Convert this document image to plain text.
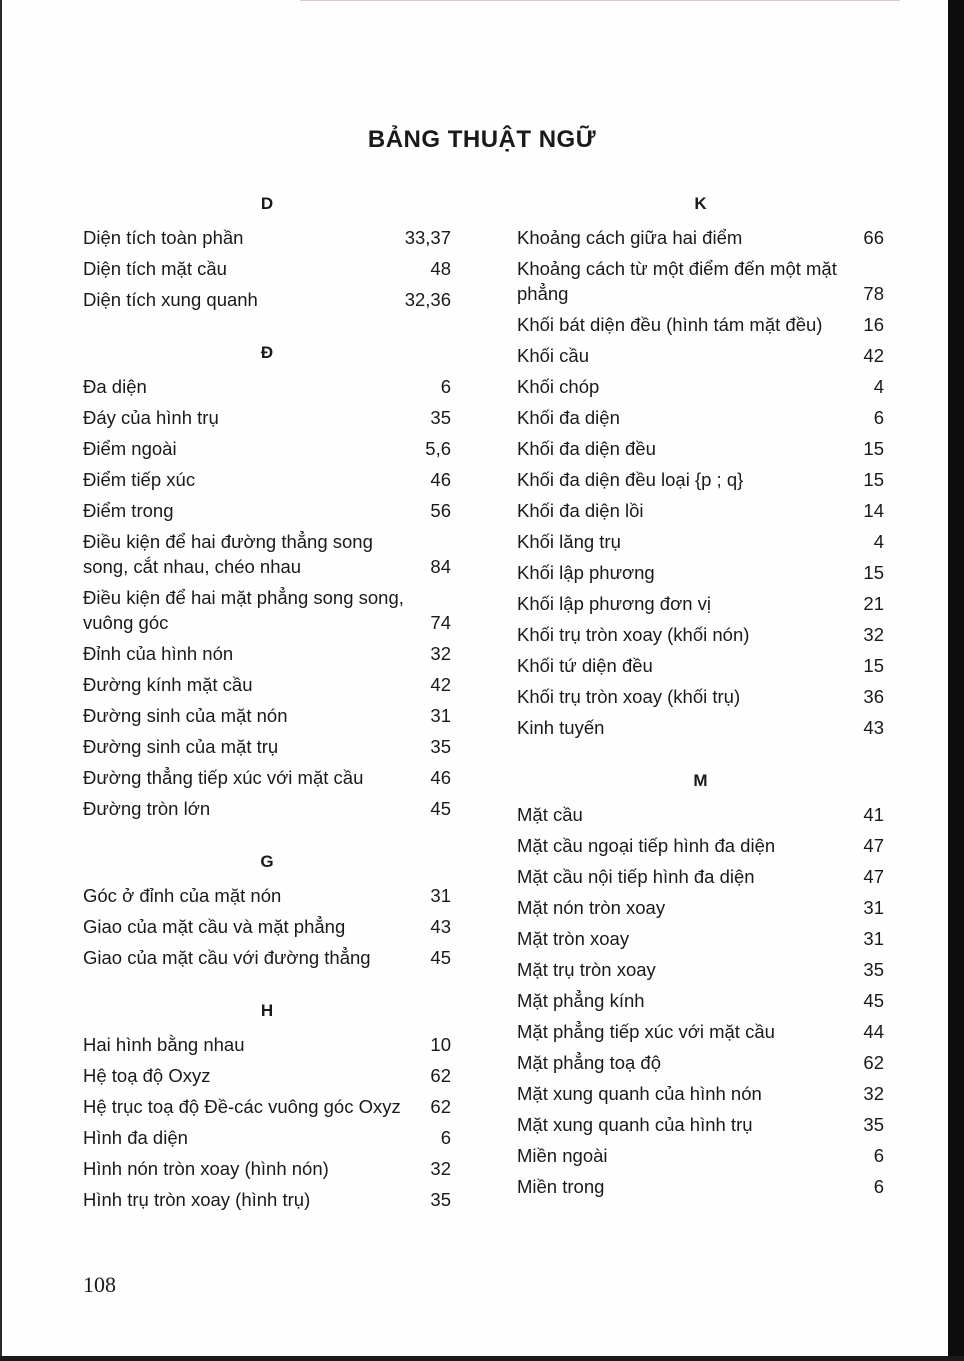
BẢNG THUẬT NGỮ
D
Diện tích toàn phần	33,37
Diện tích mặt cầu	48
Diện tích xung quanh	32,36
Đ
Đa diện	6
Đáy của hình trụ	35
Điểm ngoài	5,6
Điểm tiếp xúc	46
Điểm trong	56
Điều kiện để hai đường thẳng song song, cắt nhau, chéo nhau	84
Điều kiện để hai mặt phẳng song song, vuông góc	74
Đỉnh của hình nón	32
Đường kính mặt cầu	42
Đường sinh của mặt nón	31
Đường sinh của mặt trụ	35
Đường thẳng tiếp xúc với mặt cầu	46
Đường tròn lớn	45
G
Góc ở đỉnh của mặt nón	31
Giao của mặt cầu và mặt phẳng	43
Giao của mặt cầu với đường thẳng	45
H
Hai hình bằng nhau	10
Hệ toạ độ Oxyz	62
Hệ trục toạ độ Đề-các vuông góc Oxyz	62
Hình đa diện	6
Hình nón tròn xoay (hình nón)	32
Hình trụ tròn xoay (hình trụ)	35
K
Khoảng cách giữa hai điểm	66
Khoảng cách từ một điểm đến một mặt phẳng	78
Khối bát diện đều (hình tám mặt đều)	16
Khối cầu	42
Khối chóp	4
Khối đa diện	6
Khối đa diện đều	15
Khối đa diện đều loại {p ; q}	15
Khối đa diện lồi	14
Khối lăng trụ	4
Khối lập phương	15
Khối lập phương đơn vị	21
Khối trụ tròn xoay (khối nón)	32
Khối tứ diện đều	15
Khối trụ tròn xoay (khối trụ)	36
Kinh tuyến	43
M
Mặt cầu	41
Mặt cầu ngoại tiếp hình đa diện	47
Mặt cầu nội tiếp hình đa diện	47
Mặt nón tròn xoay	31
Mặt tròn xoay	31
Mặt trụ tròn xoay	35
Mặt phẳng kính	45
Mặt phẳng tiếp xúc với mặt cầu	44
Mặt phẳng toạ độ	62
Mặt xung quanh của hình nón	32
Mặt xung quanh của hình trụ	35
Miền ngoài	6
Miền trong	6
108
